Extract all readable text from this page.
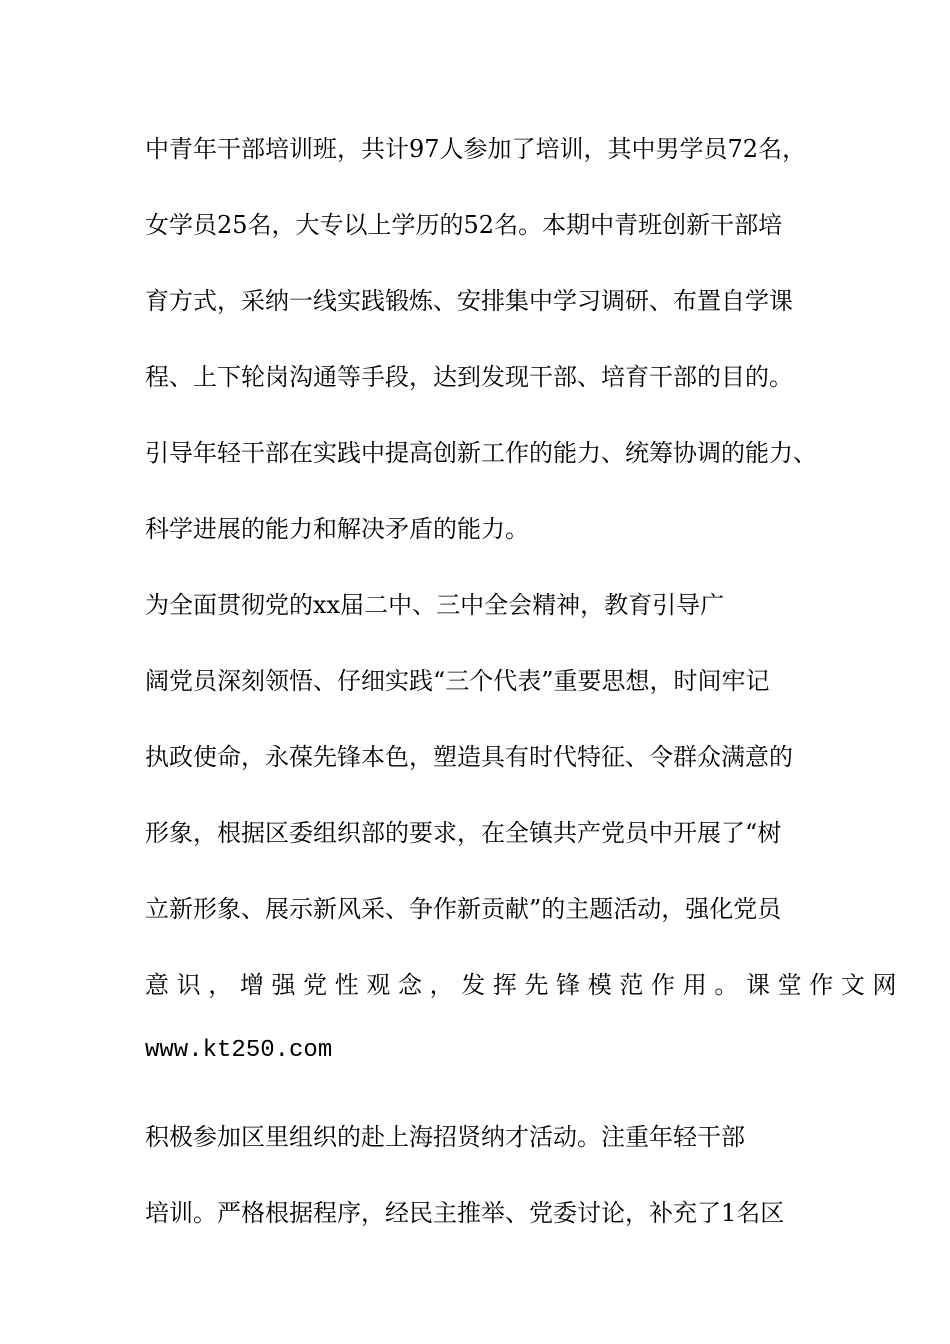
中青年干部培训班，共计97人参加了培训，其中男学员72名，
女学员25名，大专以上学历的52名。本期中青班创新干部培
育方式，采纳一线实践锻炼、安排集中学习调研、布置自学课
程、上下轮岗沟通等手段，达到发现干部、培育干部的目的。
引导年轻干部在实践中提高创新工作的能力、统筹协调的能力、
科学进展的能力和解决矛盾的能力。
为全面贯彻党的xx届二中、三中全会精神，教育引导广
阔党员深刻领悟、仔细实践“三个代表”重要思想，时间牢记
执政使命，永葆先锋本色，塑造具有时代特征、令群众满意的
形象，根据区委组织部的要求，在全镇共产党员中开展了“树
立新形象、展示新风采、争作新贡献”的主题活动，强化党员
意 识 ， 增 强 党 性 观 念 ， 发 挥 先 锋 模 范 作 用 。 课 堂 作 文 网
www.kt250.com
积极参加区里组织的赴上海招贤纳才活动。注重年轻干部
培训。严格根据程序，经民主推举、党委讨论，补充了1名区
